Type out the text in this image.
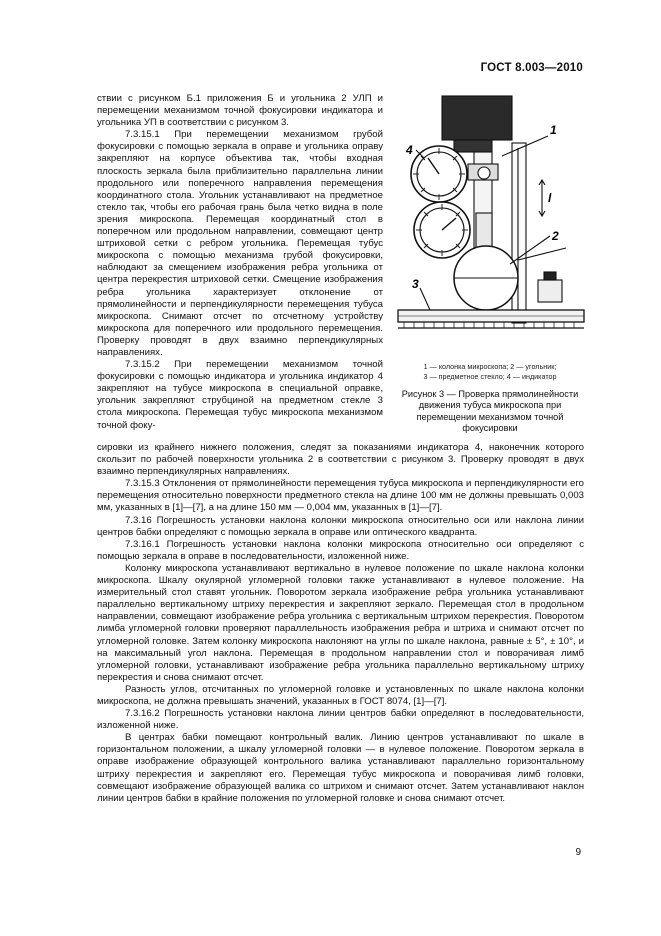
ГОСТ 8.003—2010

ствии с рисунком Б.1 приложения Б и угольника 2 УЛП и перемещении механизмом точной фокусировки индикатора и угольника УП в соответствии с рисунком 3.

7.3.15.1 При перемещении механизмом грубой фокусировки с помощью зеркала в оправе и угольника оправу закрепляют на корпусе объектива так, чтобы входная плоскость зеркала была приблизительно параллельна линии продольного или поперечного направления перемещения координатного стола. Угольник устанавливают на предметное стекло так, чтобы его рабочая грань была четко видна в поле зрения микроскопа. Перемещая координатный стол в поперечном или продольном направлении, совмещают центр штриховой сетки с ребром угольника. Перемещая тубус микроскопа с помощью механизма грубой фокусировки, наблюдают за смещением изображения ребра угольника от центра перекрестия штриховой сетки. Смещение изображения ребра угольника характеризует отклонение от прямолинейности и перпендикулярности перемещения тубуса микроскопа. Снимают отсчет по отсчетному устройству микроскопа для поперечного или продольного перемещения. Проверку проводят в двух взаимно перпендикулярных направлениях.

7.3.15.2 При перемещении механизмом точной фокусировки с помощью индикатора и угольника индикатор 4 закрепляют на тубусе микроскопа в специальной оправке, угольник закрепляют струбциной на предметном стекле 3 стола микроскопа. Перемещая тубус микроскопа механизмом точной фоку-

1
4
2
3
l
1 — колонка микроскопа; 2 — угольник;
3 — предметное стекло; 4 — индикатор
Рисунок 3 — Проверка прямолинейности движения тубуса микроскопа при перемещении механизмом точной фокусировки

сировки из крайнего нижнего положения, следят за показаниями индикатора 4, наконечник которого скользит по рабочей поверхности угольника 2 в соответствии с рисунком 3. Проверку проводят в двух взаимно перпендикулярных направлениях.

7.3.15.3 Отклонения от прямолинейности перемещения тубуса микроскопа и перпендикулярности его перемещения относительно поверхности предметного стекла на длине 100 мм не должны превышать 0,003 мм, указанных в [1]—[7], а на длине 150 мм — 0,004 мм, указанных в [1]—[7].

7.3.16 Погрешность установки наклона колонки микроскопа относительно оси или наклона линии центров бабки определяют с помощью зеркала в оправе или оптического квадранта.

7.3.16.1 Погрешность установки наклона колонки микроскопа относительно оси определяют с помощью зеркала в оправе в последовательности, изложенной ниже.

Колонку микроскопа устанавливают вертикально в нулевое положение по шкале наклона колонки микроскопа. Шкалу окулярной угломерной головки также устанавливают в нулевое положение. На измерительный стол ставят угольник. Поворотом зеркала изображение ребра угольника устанавливают параллельно вертикальному штриху перекрестия и закрепляют зеркало. Перемещая стол в продольном направлении, совмещают изображение ребра угольника с вертикальным штрихом перекрестия. Поворотом лимба угломерной головки проверяют параллельность изображения ребра и штриха и снимают отсчет по угломерной головке. Затем колонку микроскопа наклоняют на углы по шкале наклона, равные ± 5°, ± 10°, и на максимальный угол наклона. Перемещая в продольном направлении стол и поворачивая лимб угломерной головки, устанавливают изображение ребра угольника параллельно вертикальному штриху перекрестия и снова снимают отсчет.

Разность углов, отсчитанных по угломерной головке и установленных по шкале наклона колонки микроскопа, не должна превышать значений, указанных в ГОСТ 8074, [1]—[7].

7.3.16.2 Погрешность установки наклона линии центров бабки определяют в последовательности, изложенной ниже.

В центрах бабки помещают контрольный валик. Линию центров устанавливают по шкале в горизонтальном положении, а шкалу угломерной головки — в нулевое положение. Поворотом зеркала в оправе изображение образующей контрольного валика устанавливают параллельно горизонтальному штриху перекрестия и закрепляют его. Перемещая тубус микроскопа и поворачивая лимб головки, совмещают изображение образующей валика со штрихом и снимают отсчет. Затем устанавливают наклон линии центров бабки в крайние положения по угломерной головке и снова снимают отсчет.

9
